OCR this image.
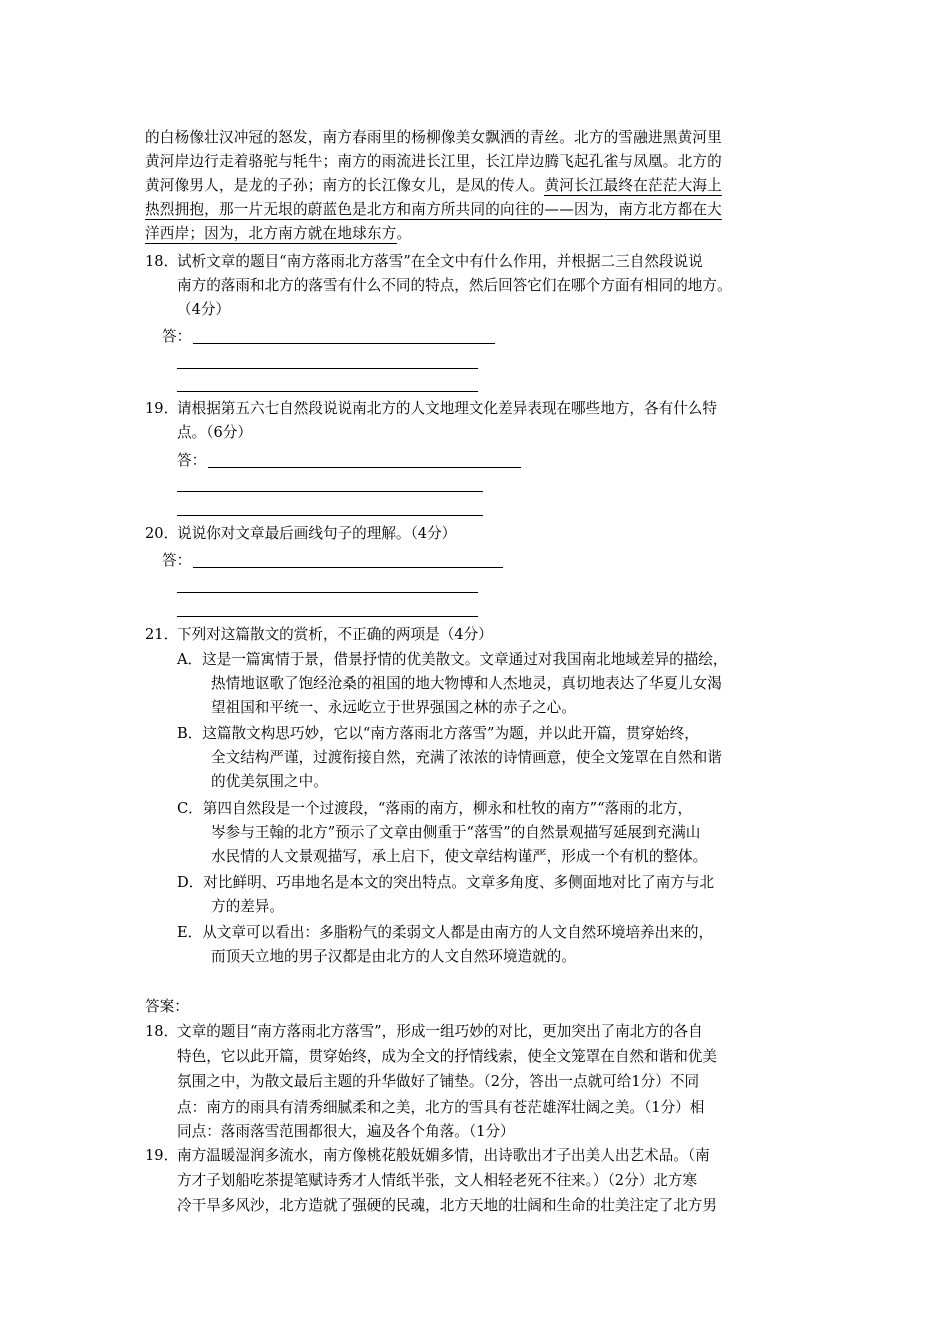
的白杨像壮汉冲冠的怒发，南方春雨里的杨柳像美女飘洒的青丝。北方的雪融进黑黄河里
黄河岸边行走着骆驼与牦牛；南方的雨流进长江里，长江岸边腾飞起孔雀与凤凰。北方的
黄河像男人，是龙的子孙；南方的长江像女儿，是凤的传人。黄河长江最终在茫茫大海上
热烈拥抱，那一片无垠的蔚蓝色是北方和南方所共同的向往的——因为，南方北方都在大
洋西岸；因为，北方南方就在地球东方。
18．试析文章的题目“南方落雨北方落雪”在全文中有什么作用，并根据二三自然段说说
南方的落雨和北方的落雪有什么不同的特点，然后回答它们在哪个方面有相同的地方。
（4分）
答：
19．请根据第五六七自然段说说南北方的人文地理文化差异表现在哪些地方，各有什么特
点。（6分）
答：
20．说说你对文章最后画线句子的理解。（4分）
答：
21．下列对这篇散文的赏析，不正确的两项是（4分）
A．这是一篇寓情于景，借景抒情的优美散文。文章通过对我国南北地域差异的描绘，
热情地讴歌了饱经沧桑的祖国的地大物博和人杰地灵，真切地表达了华夏儿女渴
望祖国和平统一、永远屹立于世界强国之林的赤子之心。
B．这篇散文构思巧妙，它以“南方落雨北方落雪”为题，并以此开篇，贯穿始终，
全文结构严谨，过渡衔接自然，充满了浓浓的诗情画意，使全文笼罩在自然和谐
的优美氛围之中。
C．第四自然段是一个过渡段，“落雨的南方，柳永和杜牧的南方”“落雨的北方，
岑参与王翰的北方”预示了文章由侧重于“落雪”的自然景观描写延展到充满山
水民情的人文景观描写，承上启下，使文章结构谨严，形成一个有机的整体。
D．对比鲜明、巧串地名是本文的突出特点。文章多角度、多侧面地对比了南方与北
方的差异。
E．从文章可以看出：多脂粉气的柔弱文人都是由南方的人文自然环境培养出来的，
而顶天立地的男子汉都是由北方的人文自然环境造就的。
答案：
18．文章的题目“南方落雨北方落雪”，形成一组巧妙的对比，更加突出了南北方的各自
特色，它以此开篇，贯穿始终，成为全文的抒情线索，使全文笼罩在自然和谐和优美
氛围之中，为散文最后主题的升华做好了铺垫。（2分，答出一点就可给1分）不同
点：南方的雨具有清秀细腻柔和之美，北方的雪具有苍茫雄浑壮阔之美。（1分）相
同点：落雨落雪范围都很大，遍及各个角落。（1分）
19．南方温暖湿润多流水，南方像桃花般妩媚多情，出诗歌出才子出美人出艺术品。（南
方才子划船吃茶提笔赋诗秀才人情纸半张，文人相轻老死不往来。）（2分）北方寒
冷干旱多风沙，北方造就了强硬的民魂，北方天地的壮阔和生命的壮美注定了北方男
